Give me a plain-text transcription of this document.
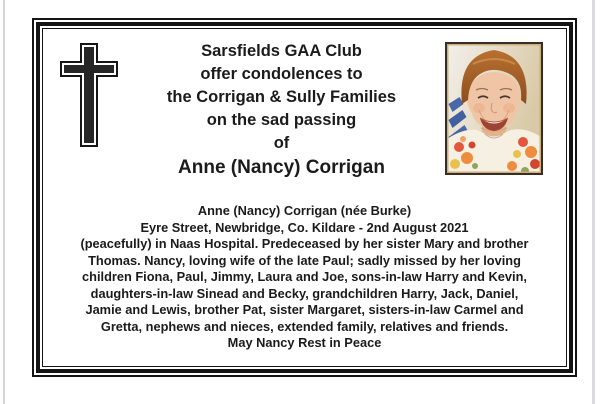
Sarsfields GAA Club
offer condolences to
the Corrigan & Sully Families
on the sad passing
of
Anne (Nancy) Corrigan
Anne (Nancy) Corrigan (née Burke)
Eyre Street, Newbridge, Co. Kildare - 2nd August 2021
(peacefully) in Naas Hospital. Predeceased by her sister Mary and brother
Thomas. Nancy, loving wife of the late Paul; sadly missed by her loving
children Fiona, Paul, Jimmy, Laura and Joe, sons-in-law Harry and Kevin,
daughters-in-law Sinead and Becky, grandchildren Harry, Jack, Daniel,
Jamie and Lewis, brother Pat, sister Margaret, sisters-in-law Carmel and
Gretta, nephews and nieces, extended family, relatives and friends.
May Nancy Rest in Peace
